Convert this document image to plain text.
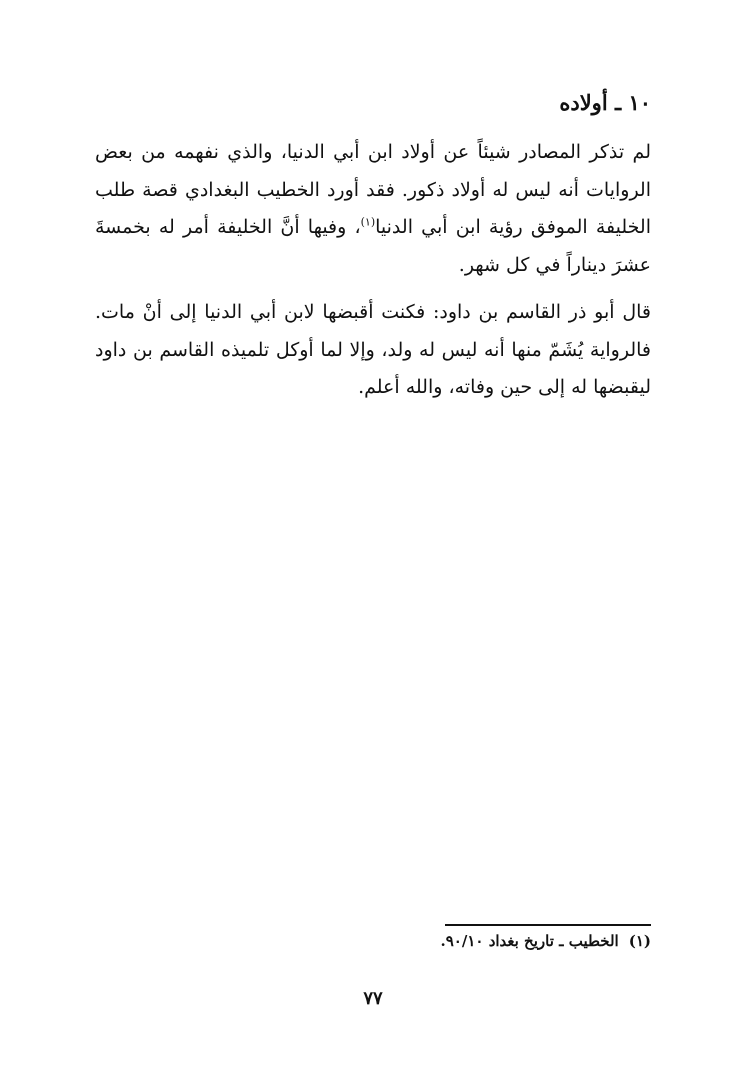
١٠ ـ أولاده

لم تذكر المصادر شيئاً عن أولاد ابن أبي الدنيا، والذي نفهمه من بعض الروايات أنه ليس له أولاد ذكور. فقد أورد الخطيب البغدادي قصة طلب الخليفة الموفق رؤية ابن أبي الدنيا$^{(١)}$، وفيها أنَّ الخليفة أمر له بخمسةَ عشرَ ديناراً في كل شهر.

قال أبو ذر القاسم بن داود: فكنت أقبضها لابن أبي الدنيا إلى أنْ مات. فالرواية يُشَمّ منها أنه ليس له ولد، وإلا لما أوكل تلميذه القاسم بن داود ليقبضها له إلى حين وفاته، والله أعلم.

(١)الخطيب ـ تاريخ بغداد ٩٠/١٠.

٧٧
